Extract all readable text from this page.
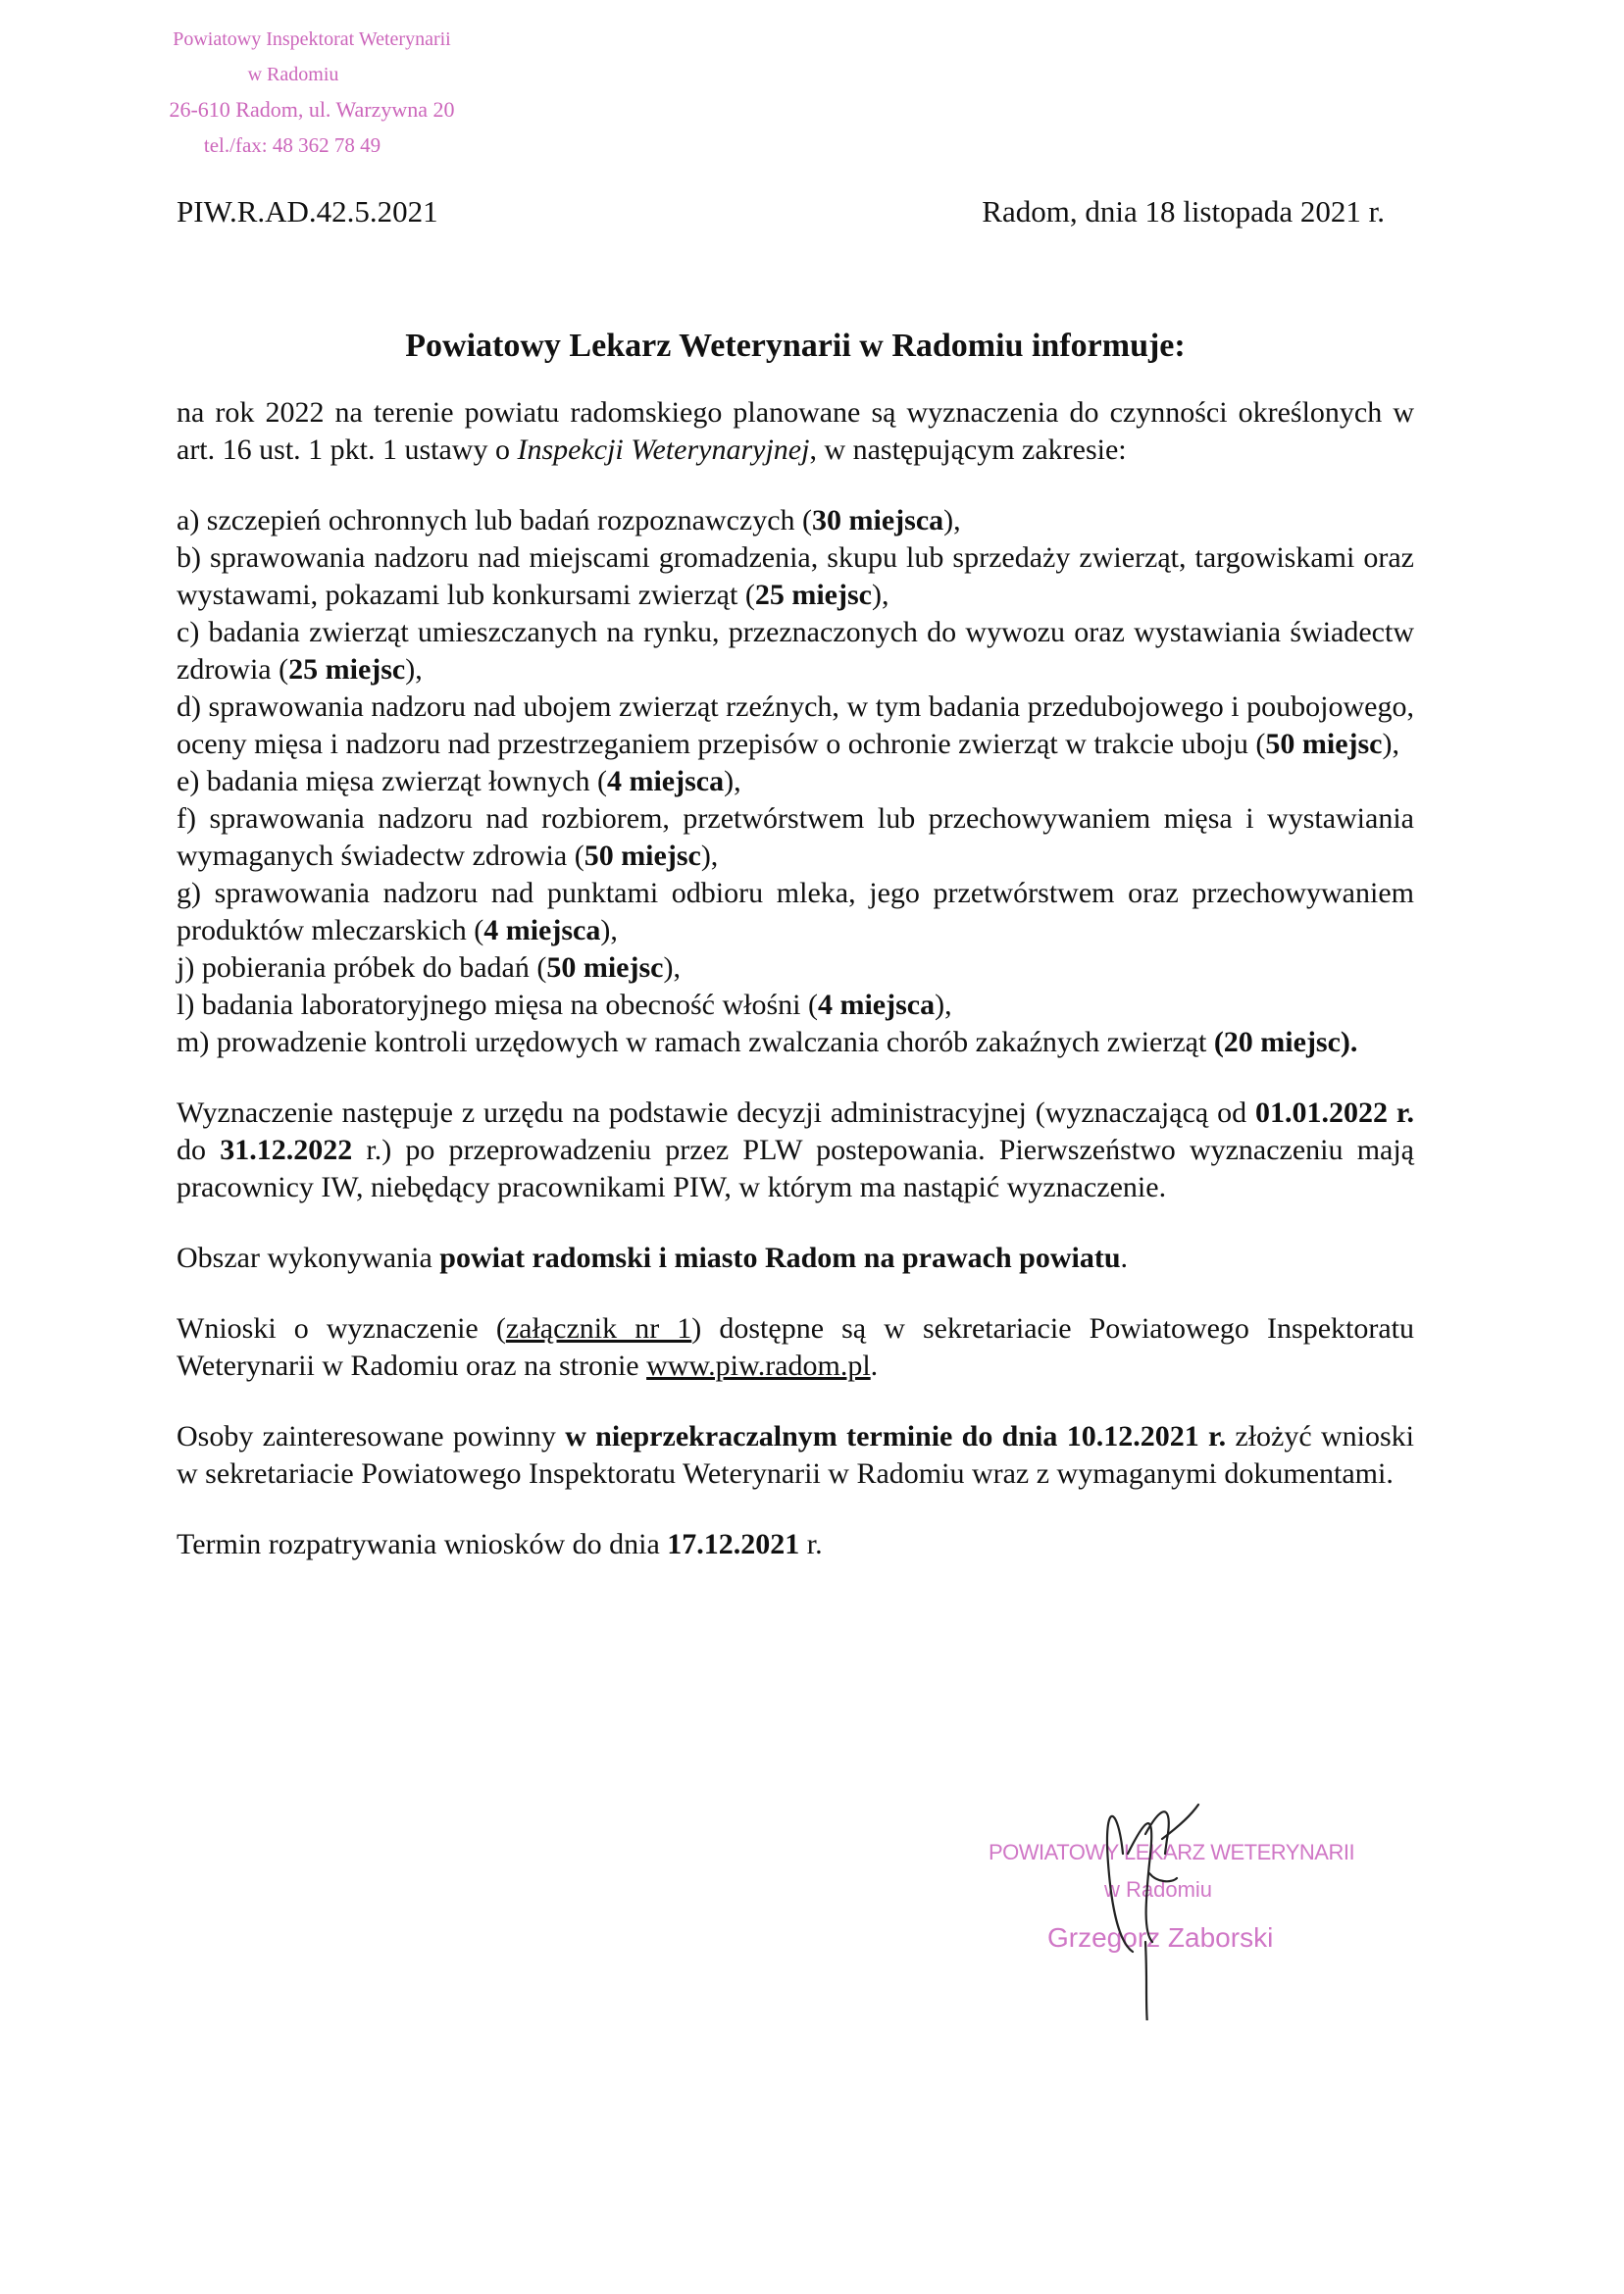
Powiatowy Inspektorat Weterynarii
w Radomiu
26-610 Radom, ul. Warzywna 20
tel./fax: 48 362 78 49
PIW.R.AD.42.5.2021	Radom, dnia 18 listopada 2021 r.
Powiatowy Lekarz Weterynarii w Radomiu informuje:

na rok 2022 na terenie powiatu radomskiego planowane są wyznaczenia do czynności określonych w art. 16 ust. 1 pkt. 1 ustawy o Inspekcji Weterynaryjnej, w następującym zakresie:

a) szczepień ochronnych lub badań rozpoznawczych (30 miejsca),

b) sprawowania nadzoru nad miejscami gromadzenia, skupu lub sprzedaży zwierząt, targowiskami oraz wystawami, pokazami lub konkursami zwierząt (25 miejsc),

c) badania zwierząt umieszczanych na rynku, przeznaczonych do wywozu oraz wystawiania świadectw zdrowia (25 miejsc),

d) sprawowania nadzoru nad ubojem zwierząt rzeźnych, w tym badania przedubojowego i poubojowego, oceny mięsa i nadzoru nad przestrzeganiem przepisów o ochronie zwierząt w trakcie uboju (50 miejsc),

e) badania mięsa zwierząt łownych (4 miejsca),

f) sprawowania nadzoru nad rozbiorem, przetwórstwem lub przechowywaniem mięsa i wystawiania wymaganych świadectw zdrowia (50 miejsc),

g) sprawowania nadzoru nad punktami odbioru mleka, jego przetwórstwem oraz przechowywaniem produktów mleczarskich (4 miejsca),

j) pobierania próbek do badań (50 miejsc),

l) badania laboratoryjnego mięsa na obecność włośni (4 miejsca),

m) prowadzenie kontroli urzędowych w ramach zwalczania chorób zakaźnych zwierząt (20 miejsc).

Wyznaczenie następuje z urzędu na podstawie decyzji administracyjnej (wyznaczającą od 01.01.2022 r. do 31.12.2022 r.) po przeprowadzeniu przez PLW postepowania. Pierwszeństwo wyznaczeniu mają pracownicy IW, niebędący pracownikami PIW, w którym ma nastąpić wyznaczenie.

Obszar wykonywania powiat radomski i miasto Radom na prawach powiatu.

Wnioski o wyznaczenie (załącznik nr 1) dostępne są w sekretariacie Powiatowego Inspektoratu Weterynarii w Radomiu oraz na stronie www.piw.radom.pl.

Osoby zainteresowane powinny w nieprzekraczalnym terminie do dnia 10.12.2021 r. złożyć wnioski w sekretariacie Powiatowego Inspektoratu Weterynarii w Radomiu wraz z wymaganymi dokumentami.

Termin rozpatrywania wniosków do dnia 17.12.2021 r.

POWIATOWY LEKARZ WETERYNARII
w Radomiu
Grzegorz Zaborski
